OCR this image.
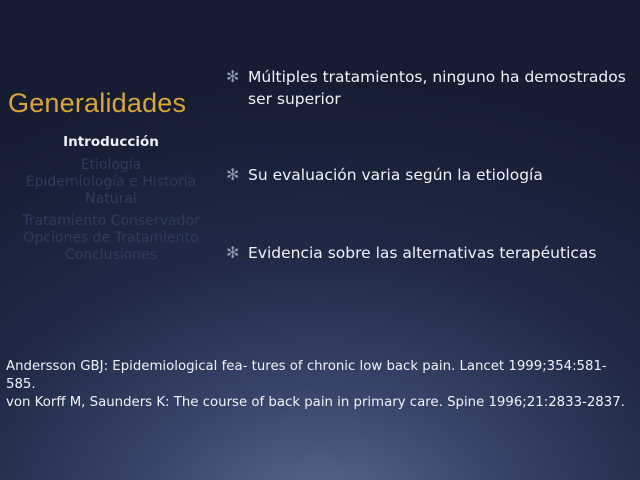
Generalidades
Introducción
Etiología
Epidemiología e Historia Natural
Tratamiento Conservador
Opciones de Tratamiento
Conclusiones
✻ Múltiples tratamientos, ninguno ha demostrados ser superior
✻ Su evaluación varia según la etiología
✻ Evidencia sobre las alternativas terapéuticas

Andersson GBJ: Epidemiological fea- tures of chronic low back pain. Lancet 1999;354:581-585.

von Korff M, Saunders K: The course of back pain in primary care. Spine 1996;21:2833-2837.
